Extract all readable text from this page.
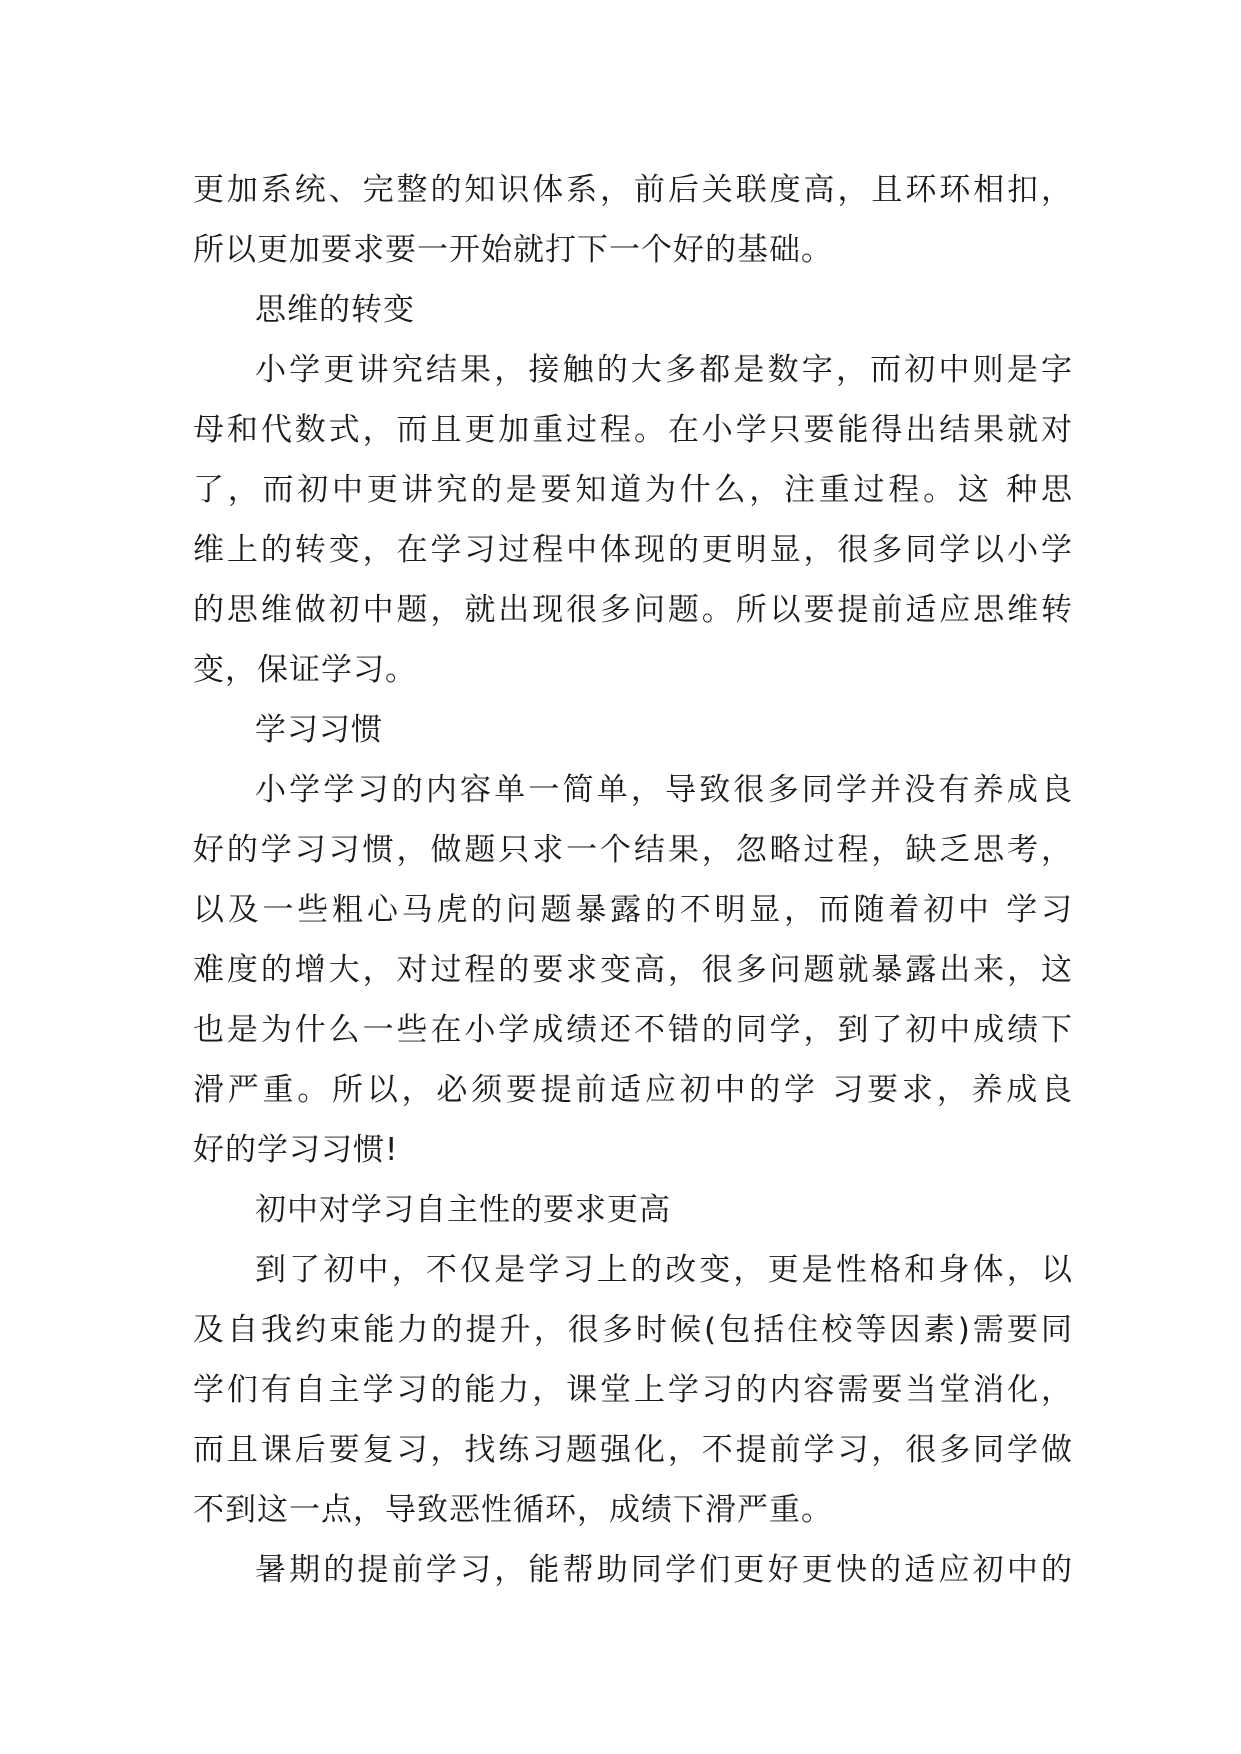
更加系统、完整的知识体系，前后关联度高，且环环相扣，
所以更加要求要一开始就打下一个好的基础。
思维的转变
小学更讲究结果，接触的大多都是数字，而初中则是字
母和代数式，而且更加重过程。在小学只要能得出结果就对
了，而初中更讲究的是要知道为什么，注重过程。这 种思
维上的转变，在学习过程中体现的更明显，很多同学以小学
的思维做初中题，就出现很多问题。所以要提前适应思维转
变，保证学习。
学习习惯
小学学习的内容单一简单，导致很多同学并没有养成良
好的学习习惯，做题只求一个结果，忽略过程，缺乏思考，
以及一些粗心马虎的问题暴露的不明显，而随着初中 学习
难度的增大，对过程的要求变高，很多问题就暴露出来，这
也是为什么一些在小学成绩还不错的同学，到了初中成绩下
滑严重。所以，必须要提前适应初中的学 习要求，养成良
好的学习习惯!
初中对学习自主性的要求更高
到了初中，不仅是学习上的改变，更是性格和身体，以
及自我约束能力的提升，很多时候(包括住校等因素)需要同
学们有自主学习的能力，课堂上学习的内容需要当堂消化，
而且课后要复习，找练习题强化，不提前学习，很多同学做
不到这一点，导致恶性循环，成绩下滑严重。
暑期的提前学习，能帮助同学们更好更快的适应初中的
